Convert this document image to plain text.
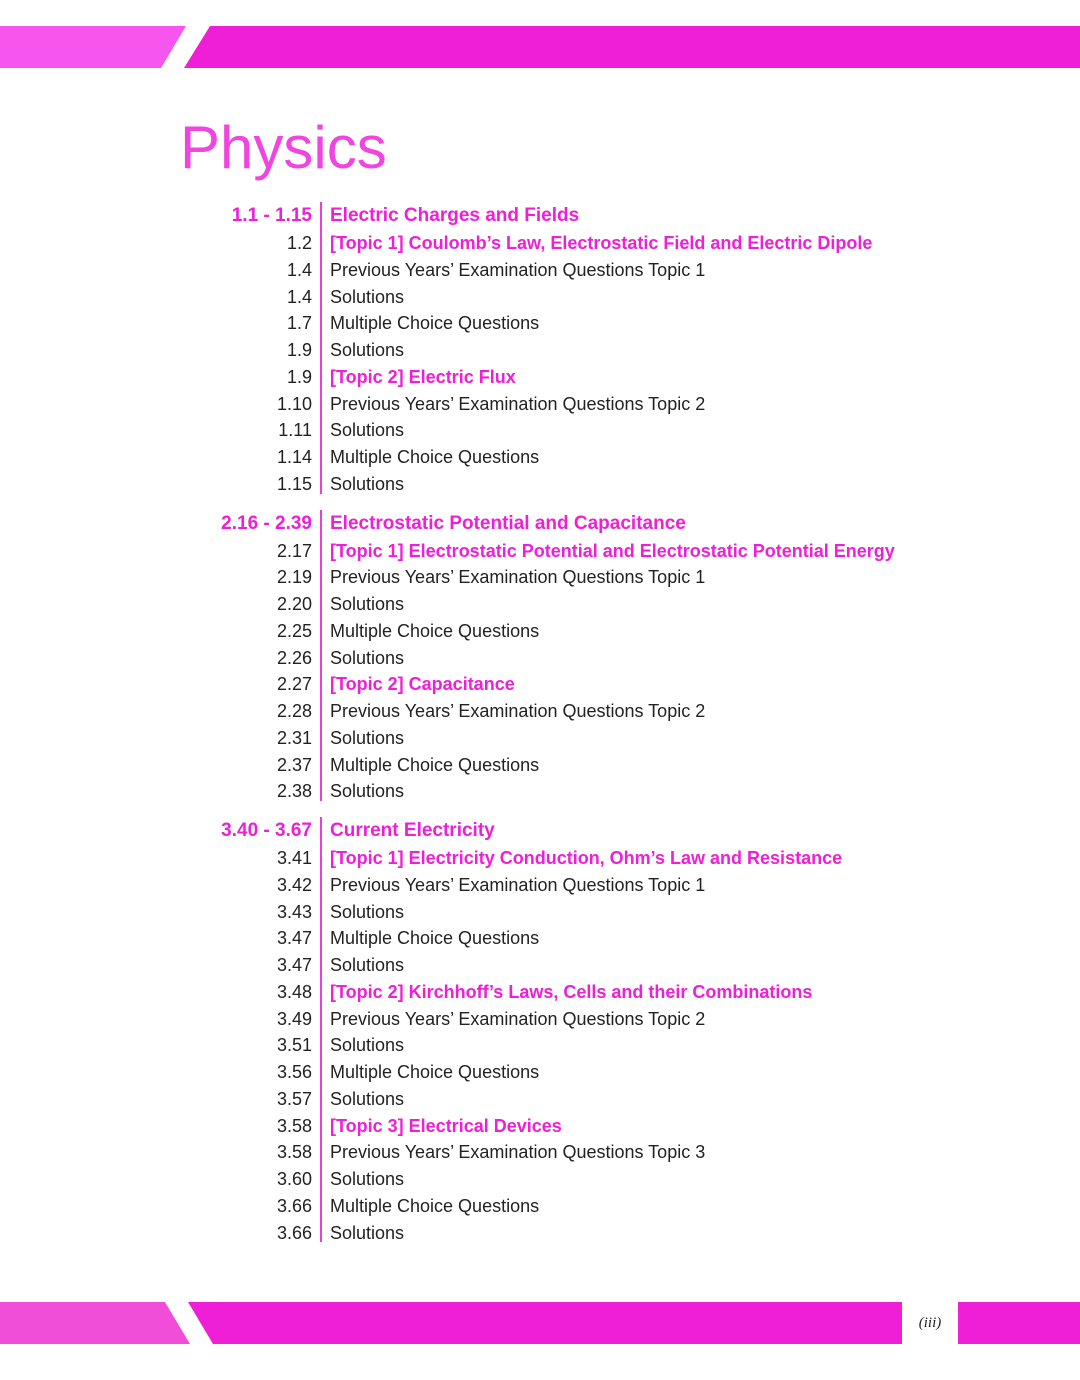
Physics
1.1 - 1.15 Electric Charges and Fields
1.2 [Topic 1] Coulomb’s Law, Electrostatic Field and Electric Dipole
1.4 Previous Years’ Examination Questions Topic 1
1.4 Solutions
1.7 Multiple Choice Questions
1.9 Solutions
1.9 [Topic 2] Electric Flux
1.10 Previous Years’ Examination Questions Topic 2
1.11 Solutions
1.14 Multiple Choice Questions
1.15 Solutions
2.16 - 2.39 Electrostatic Potential and Capacitance
2.17 [Topic 1] Electrostatic Potential and Electrostatic Potential Energy
2.19 Previous Years’ Examination Questions Topic 1
2.20 Solutions
2.25 Multiple Choice Questions
2.26 Solutions
2.27 [Topic 2] Capacitance
2.28 Previous Years’ Examination Questions Topic 2
2.31 Solutions
2.37 Multiple Choice Questions
2.38 Solutions
3.40 - 3.67 Current Electricity
3.41 [Topic 1] Electricity Conduction, Ohm’s Law and Resistance
3.42 Previous Years’ Examination Questions Topic 1
3.43 Solutions
3.47 Multiple Choice Questions
3.47 Solutions
3.48 [Topic 2] Kirchhoff’s Laws, Cells and their Combinations
3.49 Previous Years’ Examination Questions Topic 2
3.51 Solutions
3.56 Multiple Choice Questions
3.57 Solutions
3.58 [Topic 3] Electrical Devices
3.58 Previous Years’ Examination Questions Topic 3
3.60 Solutions
3.66 Multiple Choice Questions
3.66 Solutions
(iii)
